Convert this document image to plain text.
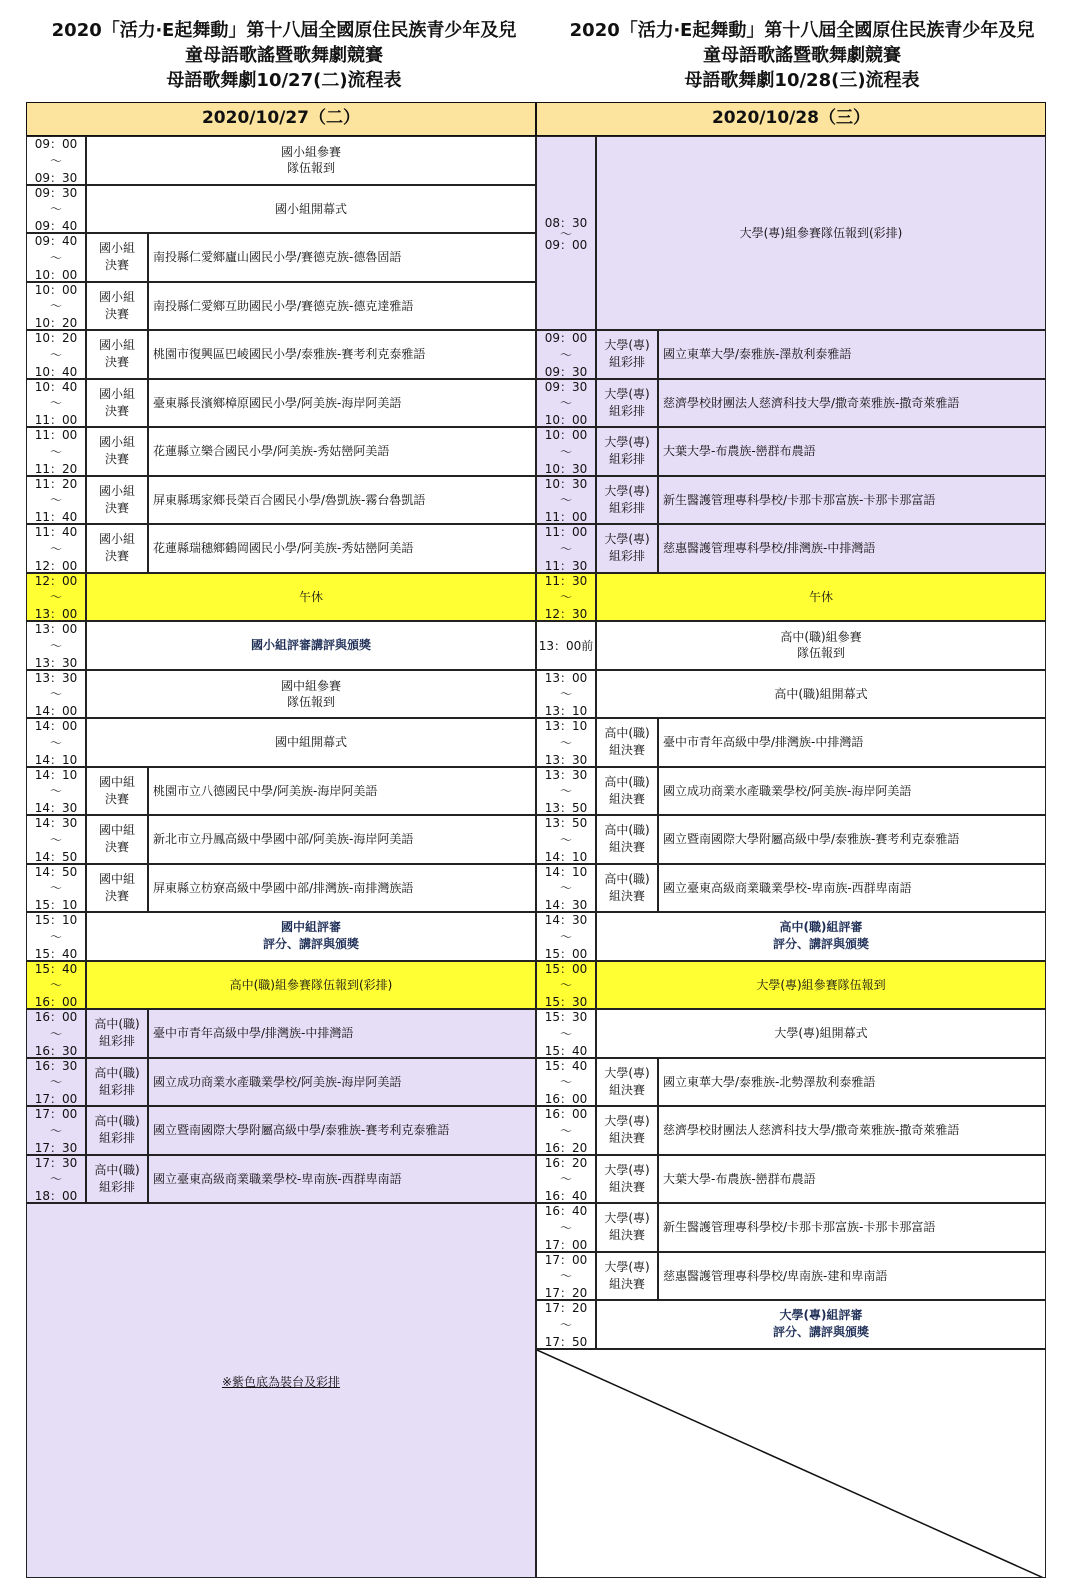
2020「活力‧E起舞動」第十八屆全國原住民族青少年及兒
童母語歌謠暨歌舞劇競賽
母語歌舞劇10/27(二)流程表
2020「活力‧E起舞動」第十八屆全國原住民族青少年及兒
童母語歌謠暨歌舞劇競賽
母語歌舞劇10/28(三)流程表
2020/10/27（二）
09：00
～
09：30
國小組參賽
隊伍報到
09：30
～
09：40
國小組開幕式
09：40
～
10：00
國小組
決賽
南投縣仁愛鄉廬山國民小學/賽德克族-德魯固語
10：00
～
10：20
國小組
決賽
南投縣仁愛鄉互助國民小學/賽德克族-德克達雅語
10：20
～
10：40
國小組
決賽
桃園市復興區巴崚國民小學/泰雅族-賽考利克泰雅語
10：40
～
11：00
國小組
決賽
臺東縣長濱鄉樟原國民小學/阿美族-海岸阿美語
11：00
～
11：20
國小組
決賽
花蓮縣立樂合國民小學/阿美族-秀姑巒阿美語
11：20
～
11：40
國小組
決賽
屏東縣瑪家鄉長榮百合國民小學/魯凱族-霧台魯凱語
11：40
～
12：00
國小組
決賽
花蓮縣瑞穗鄉鶴岡國民小學/阿美族-秀姑巒阿美語
12：00
～
13：00
午休
13：00
～
13：30
國小組評審講評與頒獎
13：30
～
14：00
國中組參賽
隊伍報到
14：00
～
14：10
國中組開幕式
14：10
～
14：30
國中組
決賽
桃園市立八德國民中學/阿美族-海岸阿美語
14：30
～
14：50
國中組
決賽
新北市立丹鳳高級中學國中部/阿美族-海岸阿美語
14：50
～
15：10
國中組
決賽
屏東縣立枋寮高級中學國中部/排灣族-南排灣族語
15：10
～
15：40
國中組評審
評分、講評與頒獎
15：40
～
16：00
高中(職)組參賽隊伍報到(彩排)
16：00
～
16：30
高中(職)
組彩排
臺中市青年高級中學/排灣族-中排灣語
16：30
～
17：00
高中(職)
組彩排
國立成功商業水產職業學校/阿美族-海岸阿美語
17：00
～
17：30
高中(職)
組彩排
國立暨南國際大學附屬高級中學/泰雅族-賽考利克泰雅語
17：30
～
18：00
高中(職)
組彩排
國立臺東高級商業職業學校-卑南族-西群卑南語
※紫色底為裝台及彩排
2020/10/28（三）
08：30
～
09：00
大學(專)組參賽隊伍報到(彩排)
09：00
～
09：30
大學(專)
組彩排
國立東華大學/泰雅族-澤敖利泰雅語
09：30
～
10：00
大學(專)
組彩排
慈濟學校財團法人慈濟科技大學/撒奇萊雅族-撒奇萊雅語
10：00
～
10：30
大學(專)
組彩排
大葉大學-布農族-巒群布農語
10：30
～
11：00
大學(專)
組彩排
新生醫護管理專科學校/卡那卡那富族-卡那卡那富語
11：00
～
11：30
大學(專)
組彩排
慈惠醫護管理專科學校/排灣族-中排灣語
11：30
～
12：30
午休
13：00前
高中(職)組參賽
隊伍報到
13：00
～
13：10
高中(職)組開幕式
13：10
～
13：30
高中(職)
組決賽
臺中市青年高級中學/排灣族-中排灣語
13：30
～
13：50
高中(職)
組決賽
國立成功商業水產職業學校/阿美族-海岸阿美語
13：50
～
14：10
高中(職)
組決賽
國立暨南國際大學附屬高級中學/泰雅族-賽考利克泰雅語
14：10
～
14：30
高中(職)
組決賽
國立臺東高級商業職業學校-卑南族-西群卑南語
14：30
～
15：00
高中(職)組評審
評分、講評與頒獎
15：00
～
15：30
大學(專)組參賽隊伍報到
15：30
～
15：40
大學(專)組開幕式
15：40
～
16：00
大學(專)
組決賽
國立東華大學/泰雅族-北勢澤敖利泰雅語
16：00
～
16：20
大學(專)
組決賽
慈濟學校財團法人慈濟科技大學/撒奇萊雅族-撒奇萊雅語
16：20
～
16：40
大學(專)
組決賽
大葉大學-布農族-巒群布農語
16：40
～
17：00
大學(專)
組決賽
新生醫護管理專科學校/卡那卡那富族-卡那卡那富語
17：00
～
17：20
大學(專)
組決賽
慈惠醫護管理專科學校/卑南族-建和卑南語
17：20
～
17：50
大學(專)組評審
評分、講評與頒獎
